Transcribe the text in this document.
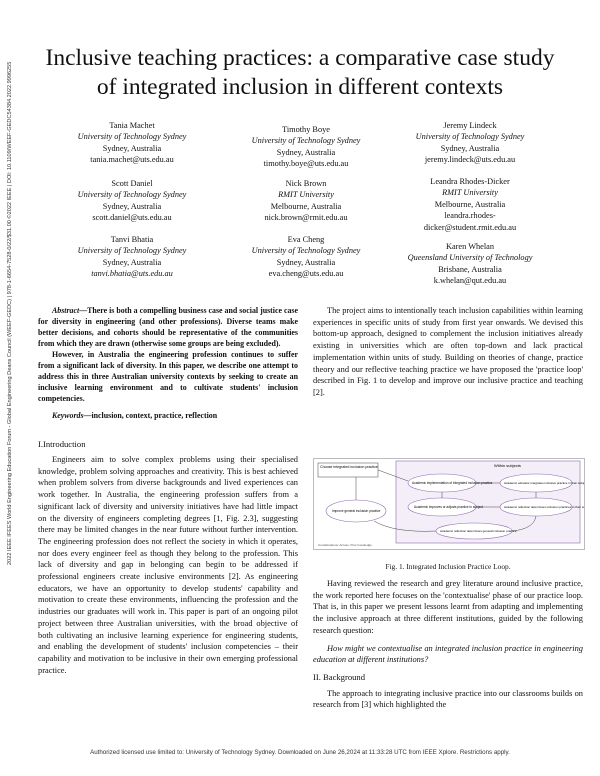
2022 IEEE IFEES World Engineering Education Forum - Global Engineering Deans Council (WEEF-GEDC) | 978-1-6654-7528-0/22/$31.00 ©2022 IEEE | DOI: 10.1109/WEEF-GEDC54384.2022.9996255
Inclusive teaching practices: a comparative case study
of integrated inclusion in different contexts
Tania Machet
University of Technology Sydney
Sydney, Australia
tania.machet@uts.edu.au
Timothy Boye
University of Technology Sydney
Sydney, Australia
timothy.boye@uts.edu.au
Jeremy Lindeck
University of Technology Sydney
Sydney, Australia
jeremy.lindeck@uts.edu.au
Scott Daniel
University of Technology Sydney
Sydney, Australia
scott.daniel@uts.edu.au
Nick Brown
RMIT University
Melbourne, Australia
nick.brown@rmit.edu.au
Leandra Rhodes-Dicker
RMIT University
Melbourne, Australia
leandra.rhodes-
dicker@student.rmit.edu.au
Tanvi Bhatia
University of Technology Sydney
Sydney, Australia
tanvi.bhatia@uts.edu.au
Eva Cheng
University of Technology Sydney
Sydney, Australia
eva.cheng@uts.edu.au
Karen Whelan
Queensland University of Technology
Brisbane, Australia
k.whelan@qut.edu.au

Abstract—There is both a compelling business case and social justice case for diversity in engineering (and other professions). Diverse teams make better decisions, and cohorts should be representative of the communities from which they are drawn (otherwise some groups are being excluded).

However, in Australia the engineering profession continues to suffer from a significant lack of diversity. In this paper, we describe one attempt to address this in three Australian university contexts by seeking to create an inclusive learning environment and to cultivate students' inclusion competencies.

Keywords—inclusion, context, practice, reflection

I.Introduction

Engineers aim to solve complex problems using their specialised knowledge, problem solving approaches and creativity. This is best achieved when problem solvers from diverse backgrounds and lived experiences can work together. In Australia, the engineering profession suffers from a significant lack of diversity and university initiatives have had little impact on the diversity of engineers completing degrees [1, Fig. 2.3], suggesting there may be limited changes in the near future without further intervention. The engineering profession does not reflect the society in which it operates, nor does every engineer feel as though they belong to the profession. This lack of diversity and gap in belonging can begin to be addressed if professional engineers create inclusive environments [2]. As engineering educators, we have an opportunity to develop students' capability and motivation to create these environments, influencing the profession and the industries our graduates will work in. This paper is part of an ongoing pilot project between three Australian universities, with the broad objective of both cultivating an inclusive learning experience for engineering students, and enabling the development of students' inclusion competencies – their capability and motivation to be inclusive in their own emerging professional practice.

The project aims to intentionally teach inclusion capabilities within learning experiences in specific units of study from first year onwards. We devised this bottom-up approach, designed to complement the inclusion initiatives already existing in universities which are often top-down and lack practical implementation within units of study. Building on theories of change, practice theory and our reflective teaching practice we have proposed the 'practice loop' described in Fig. 1 to develop and improve our inclusive practice and teaching [2].

Choose integrated inclusion practice	Within subjects
Academic implementation of integrated inclusion practice	Academic educator integrates inclusive practice in their subject
Academic improves or adjusts practice in subject	Academic reflection determines inclusion practices in their subject
Improve general inclusion practice
Academic reflection determines general inclusion practice
Considerations: Across, Prior knowledge
Fig. 1. Integrated Inclusion Practice Loop.

Having reviewed the research and grey literature around inclusive practice, the work reported here focuses on the 'contextualise' phase of our practice loop. That is, in this paper we present lessons learnt from adapting and implementing the inclusive approach at three different institutions, guided by the following research question:

How might we contextualise an integrated inclusion practice in engineering education at different institutions?

II. Background

The approach to integrating inclusive practice into our classrooms builds on research from [3] which highlighted the

Authorized licensed use limited to: University of Technology Sydney. Downloaded on June 26,2024 at 11:33:28 UTC from IEEE Xplore. Restrictions apply.
